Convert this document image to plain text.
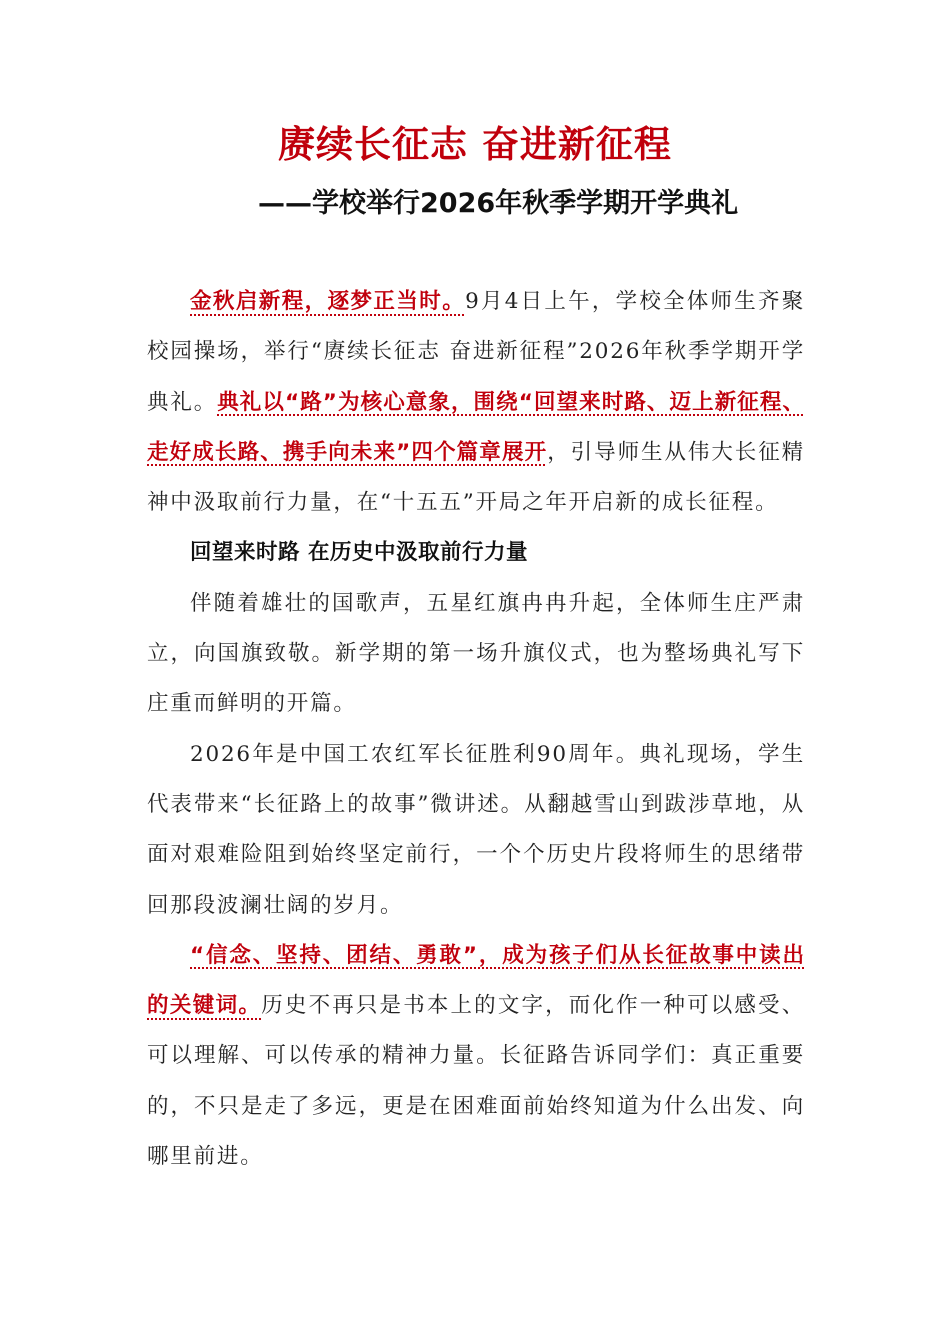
赓续长征志 奋进新征程
——学校举行2026年秋季学期开学典礼

金秋启新程，逐梦正当时。9月4日上午，学校全体师生齐聚校园操场，举行“赓续长征志 奋进新征程”2026年秋季学期开学典礼。典礼以“路”为核心意象，围绕“回望来时路、迈上新征程、走好成长路、携手向未来”四个篇章展开，引导师生从伟大长征精神中汲取前行力量，在“十五五”开局之年开启新的成长征程。

回望来时路 在历史中汲取前行力量

伴随着雄壮的国歌声，五星红旗冉冉升起，全体师生庄严肃立，向国旗致敬。新学期的第一场升旗仪式，也为整场典礼写下庄重而鲜明的开篇。

2026年是中国工农红军长征胜利90周年。典礼现场，学生代表带来“长征路上的故事”微讲述。从翻越雪山到跋涉草地，从面对艰难险阻到始终坚定前行，一个个历史片段将师生的思绪带回那段波澜壮阔的岁月。

“信念、坚持、团结、勇敢”，成为孩子们从长征故事中读出的关键词。历史不再只是书本上的文字，而化作一种可以感受、可以理解、可以传承的精神力量。长征路告诉同学们：真正重要的，不只是走了多远，更是在困难面前始终知道为什么出发、向哪里前进。
